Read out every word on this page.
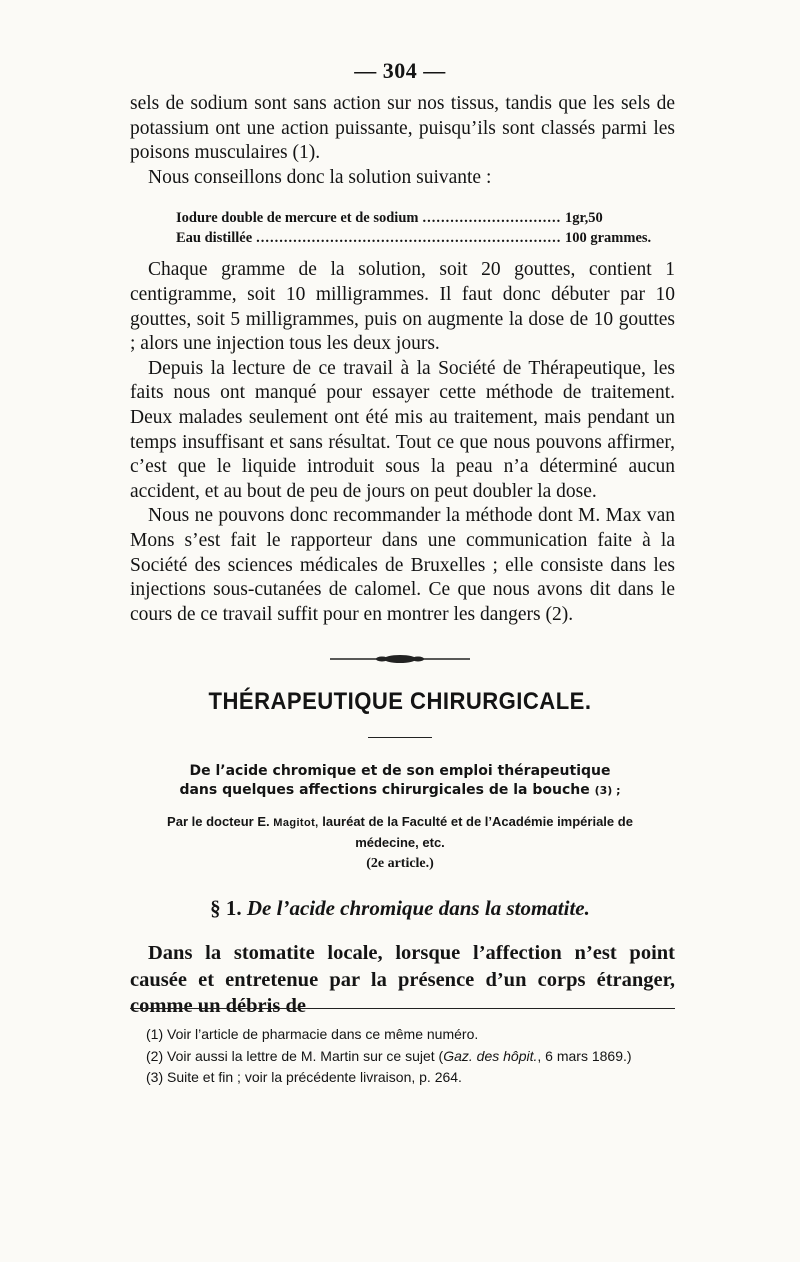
— 304 —

sels de sodium sont sans action sur nos tissus, tandis que les sels de potassium ont une action puissante, puisqu’ils sont classés parmi les poisons musculaires (1).

Nous conseillons donc la solution suivante :

Iodure double de mercure et de sodium .....	1gr,50
Eau distillée .....	100 grammes.

Chaque gramme de la solution, soit 20 gouttes, contient 1 centigramme, soit 10 milligrammes. Il faut donc débuter par 10 gouttes, soit 5 milligrammes, puis on augmente la dose de 10 gouttes ; alors une injection tous les deux jours.

Depuis la lecture de ce travail à la Société de Thérapeutique, les faits nous ont manqué pour essayer cette méthode de traitement. Deux malades seulement ont été mis au traitement, mais pendant un temps insuffisant et sans résultat. Tout ce que nous pouvons affirmer, c’est que le liquide introduit sous la peau n’a déterminé aucun accident, et au bout de peu de jours on peut doubler la dose.

Nous ne pouvons donc recommander la méthode dont M. Max van Mons s’est fait le rapporteur dans une communication faite à la Société des sciences médicales de Bruxelles ; elle consiste dans les injections sous-cutanées de calomel. Ce que nous avons dit dans le cours de ce travail suffit pour en montrer les dangers (2).

THÉRAPEUTIQUE CHIRURGICALE.
De l’acide chromique et de son emploi thérapeutique
dans quelques affections chirurgicales de la bouche (3) ;
Par le docteur E. Magitot, lauréat de la Faculté et de l’Académie impériale de médecine, etc.
(2e article.)
§ 1. De l’acide chromique dans la stomatite.

Dans la stomatite locale, lorsque l’affection n’est point causée et entretenue par la présence d’un corps étranger, comme un débris de

(1) Voir l’article de pharmacie dans ce même numéro.
(2) Voir aussi la lettre de M. Martin sur ce sujet (Gaz. des hôpit., 6 mars 1869.)
(3) Suite et fin ; voir la précédente livraison, p. 264.
